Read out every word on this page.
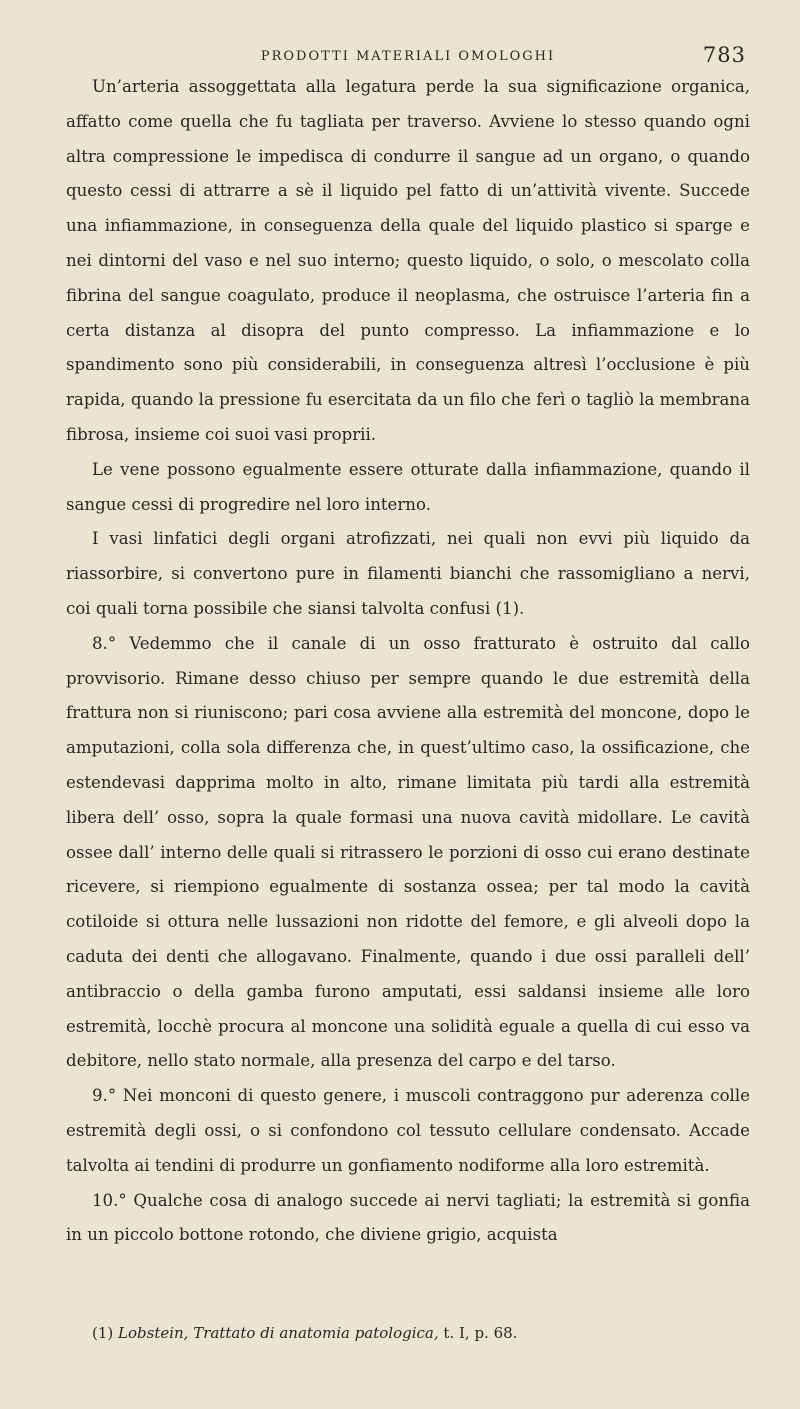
PRODOTTI MATERIALI OMOLOGHI	783

Un’arteria assoggettata alla legatura perde la sua significazione organica, affatto come quella che fu tagliata per traverso. Avviene lo stesso quando ogni altra compressione le impedisca di condurre il sangue ad un organo, o quando questo cessi di attrarre a sè il liquido pel fatto di un’attività vivente. Succede una infiammazione, in conseguenza della quale del liquido plastico si sparge e nei dintorni del vaso e nel suo interno; questo liquido, o solo, o mescolato colla fibrina del sangue coagulato, produce il neoplasma, che ostruisce l’arteria fin a certa distanza al disopra del punto compresso. La infiammazione e lo spandimento sono più considerabili, in conseguenza altresì l’occlusione è più rapida, quando la pressione fu esercitata da un filo che ferì o tagliò la membrana fibrosa, insieme coi suoi vasi proprii.

Le vene possono egualmente essere otturate dalla infiammazione, quando il sangue cessi di progredire nel loro interno.

I vasi linfatici degli organi atrofizzati, nei quali non evvi più liquido da riassorbire, si convertono pure in filamenti bianchi che rassomigliano a nervi, coi quali torna possibile che siansi talvolta confusi (1).

8.° Vedemmo che il canale di un osso fratturato è ostruito dal callo provvisorio. Rimane desso chiuso per sempre quando le due estremità della frattura non si riuniscono; pari cosa avviene alla estremità del moncone, dopo le amputazioni, colla sola differenza che, in quest’ultimo caso, la ossificazione, che estendevasi dapprima molto in alto, rimane limitata più tardi alla estremità libera dell’ osso, sopra la quale formasi una nuova cavità midollare. Le cavità ossee dall’ interno delle quali si ritrassero le porzioni di osso cui erano destinate ricevere, si riempiono egualmente di sostanza ossea; per tal modo la cavità cotiloide si ottura nelle lussazioni non ridotte del femore, e gli alveoli dopo la caduta dei denti che allogavano. Finalmente, quando i due ossi paralleli dell’ antibraccio o della gamba furono amputati, essi saldansi insieme alle loro estremità, locchè procura al moncone una solidità eguale a quella di cui esso va debitore, nello stato normale, alla presenza del carpo e del tarso.

9.° Nei monconi di questo genere, i muscoli contraggono pur aderenza colle estremità degli ossi, o si confondono col tessuto cellulare condensato. Accade talvolta ai tendini di produrre un gonfiamento nodiforme alla loro estremità.

10.° Qualche cosa di analogo succede ai nervi tagliati; la estremità si gonfia in un piccolo bottone rotondo, che diviene grigio, acquista

(1) Lobstein, Trattato di anatomia patologica, t. I, p. 68.
